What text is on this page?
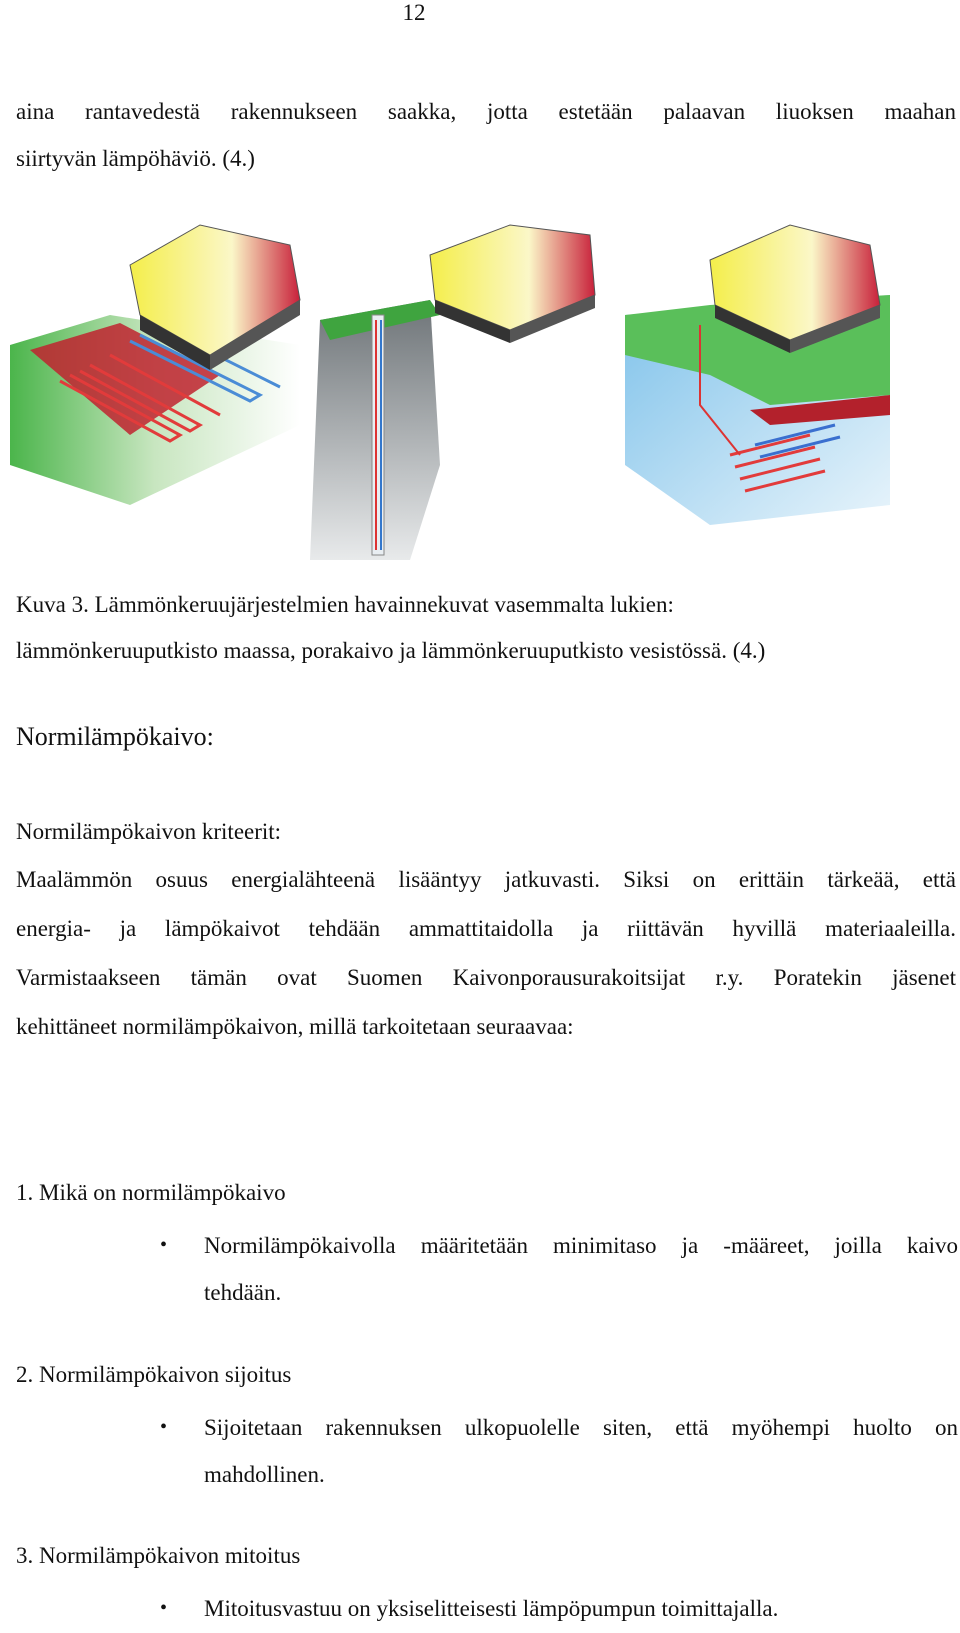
12
aina rantavedestä rakennukseen saakka, jotta estetään palaavan liuoksen maahan
siirtyvän lämpöhäviö. (4.)
Kuva 3. Lämmönkeruujärjestelmien havainnekuvat vasemmalta lukien:
lämmönkeruuputkisto maassa, porakaivo ja lämmönkeruuputkisto vesistössä. (4.)
Normilämpökaivo:
Normilämpökaivon kriteerit:
Maalämmön osuus energialähteenä lisääntyy jatkuvasti. Siksi on erittäin tärkeää, että
energia- ja lämpökaivot tehdään ammattitaidolla ja riittävän hyvillä materiaaleilla.
Varmistaakseen tämän ovat Suomen Kaivonporausurakoitsijat r.y. Poratekin jäsenet
kehittäneet normilämpökaivon, millä tarkoitetaan seuraavaa:
1. Mikä on normilämpökaivo
• Normilämpökaivolla määritetään minimitaso ja -määreet, joilla kaivo
tehdään.
2. Normilämpökaivon sijoitus
• Sijoitetaan rakennuksen ulkopuolelle siten, että myöhempi huolto on
mahdollinen.
3. Normilämpökaivon mitoitus
• Mitoitusvastuu on yksiselitteisesti lämpöpumpun toimittajalla.
